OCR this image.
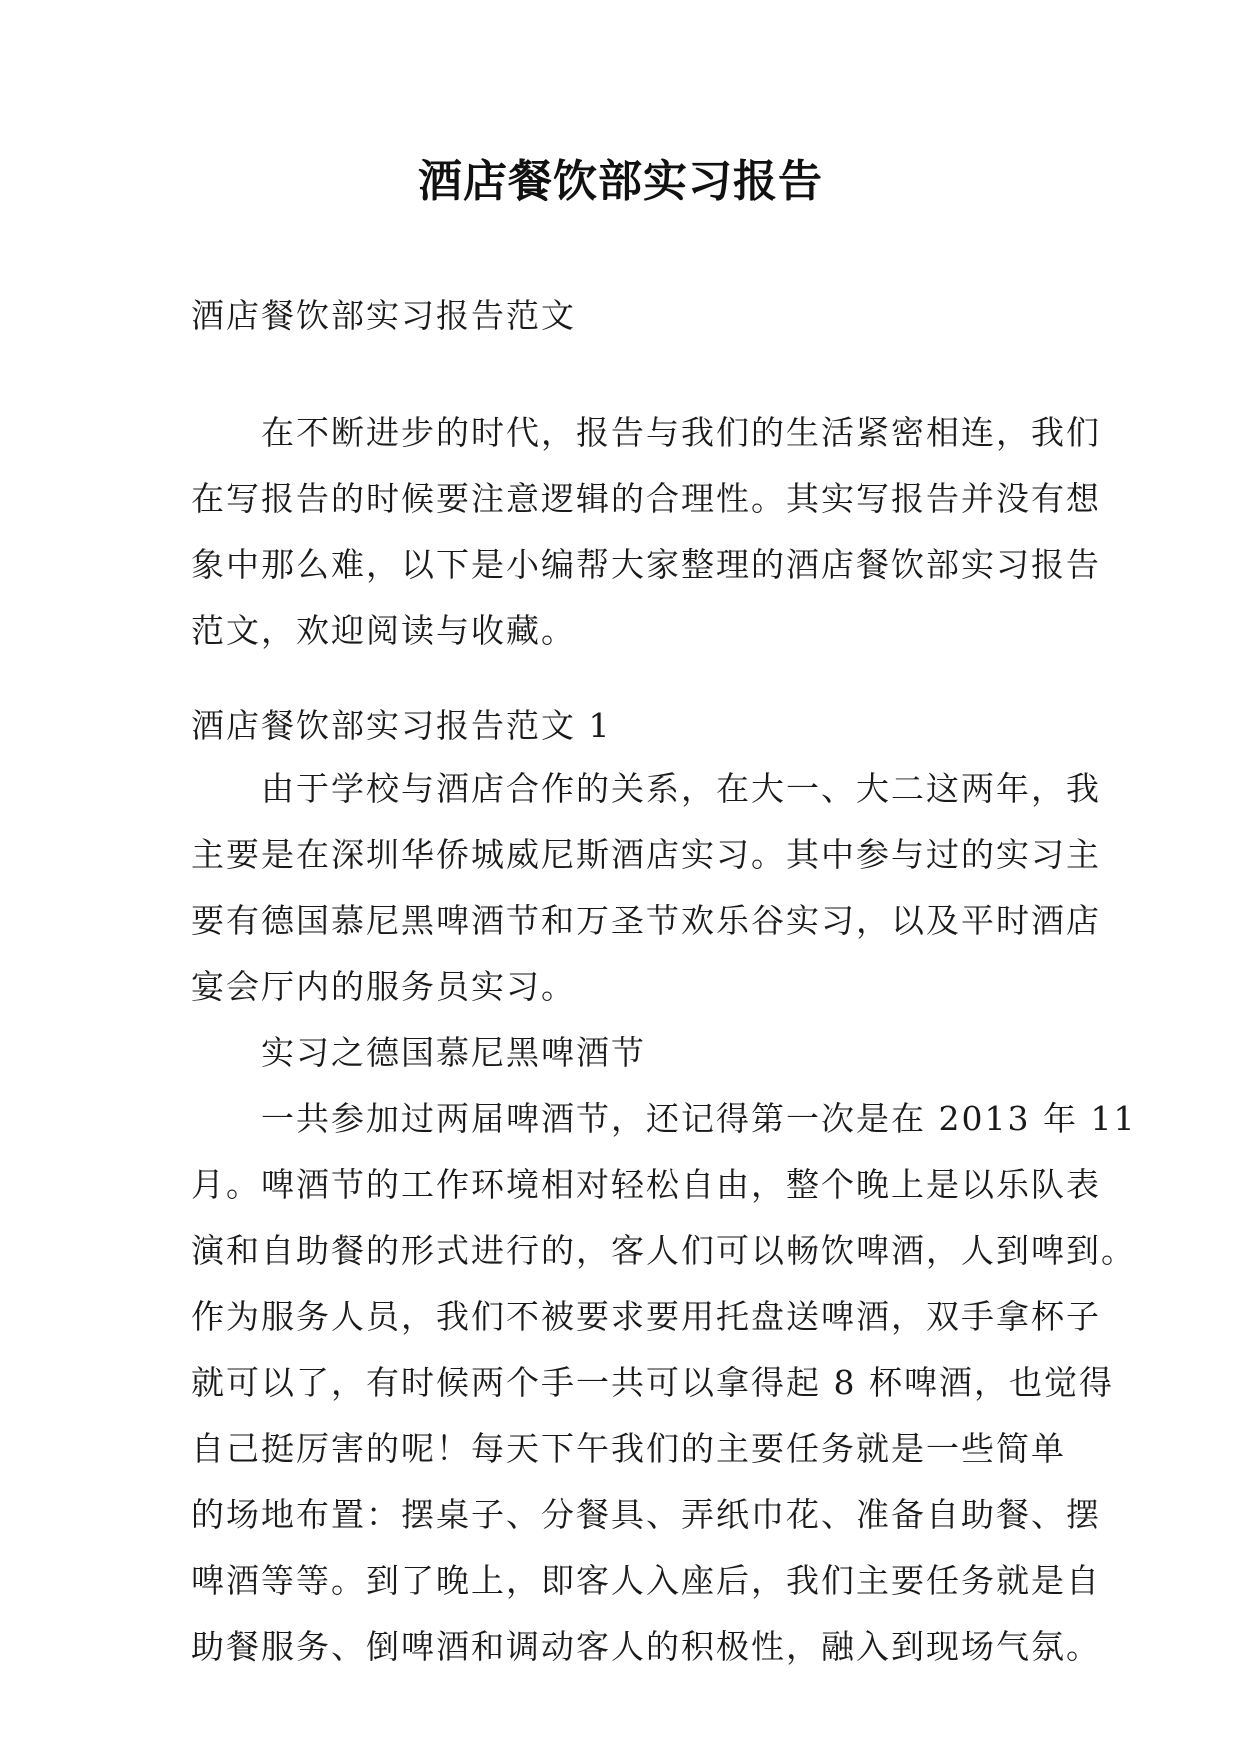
酒店餐饮部实习报告
酒店餐饮部实习报告范文
在不断进步的时代，报告与我们的生活紧密相连，我们
在写报告的时候要注意逻辑的合理性。其实写报告并没有想
象中那么难，以下是小编帮大家整理的酒店餐饮部实习报告
范文，欢迎阅读与收藏。
酒店餐饮部实习报告范文 1
由于学校与酒店合作的关系，在大一、大二这两年，我
主要是在深圳华侨城威尼斯酒店实习。其中参与过的实习主
要有德国慕尼黑啤酒节和万圣节欢乐谷实习，以及平时酒店
宴会厅内的服务员实习。
实习之德国慕尼黑啤酒节
一共参加过两届啤酒节，还记得第一次是在 2013 年 11
月。啤酒节的工作环境相对轻松自由，整个晚上是以乐队表
演和自助餐的形式进行的，客人们可以畅饮啤酒，人到啤到。
作为服务人员，我们不被要求要用托盘送啤酒，双手拿杯子
就可以了，有时候两个手一共可以拿得起 8 杯啤酒，也觉得
自己挺厉害的呢！每天下午我们的主要任务就是一些简单
的场地布置：摆桌子、分餐具、弄纸巾花、准备自助餐、摆
啤酒等等。到了晚上，即客人入座后，我们主要任务就是自
助餐服务、倒啤酒和调动客人的积极性，融入到现场气氛。
